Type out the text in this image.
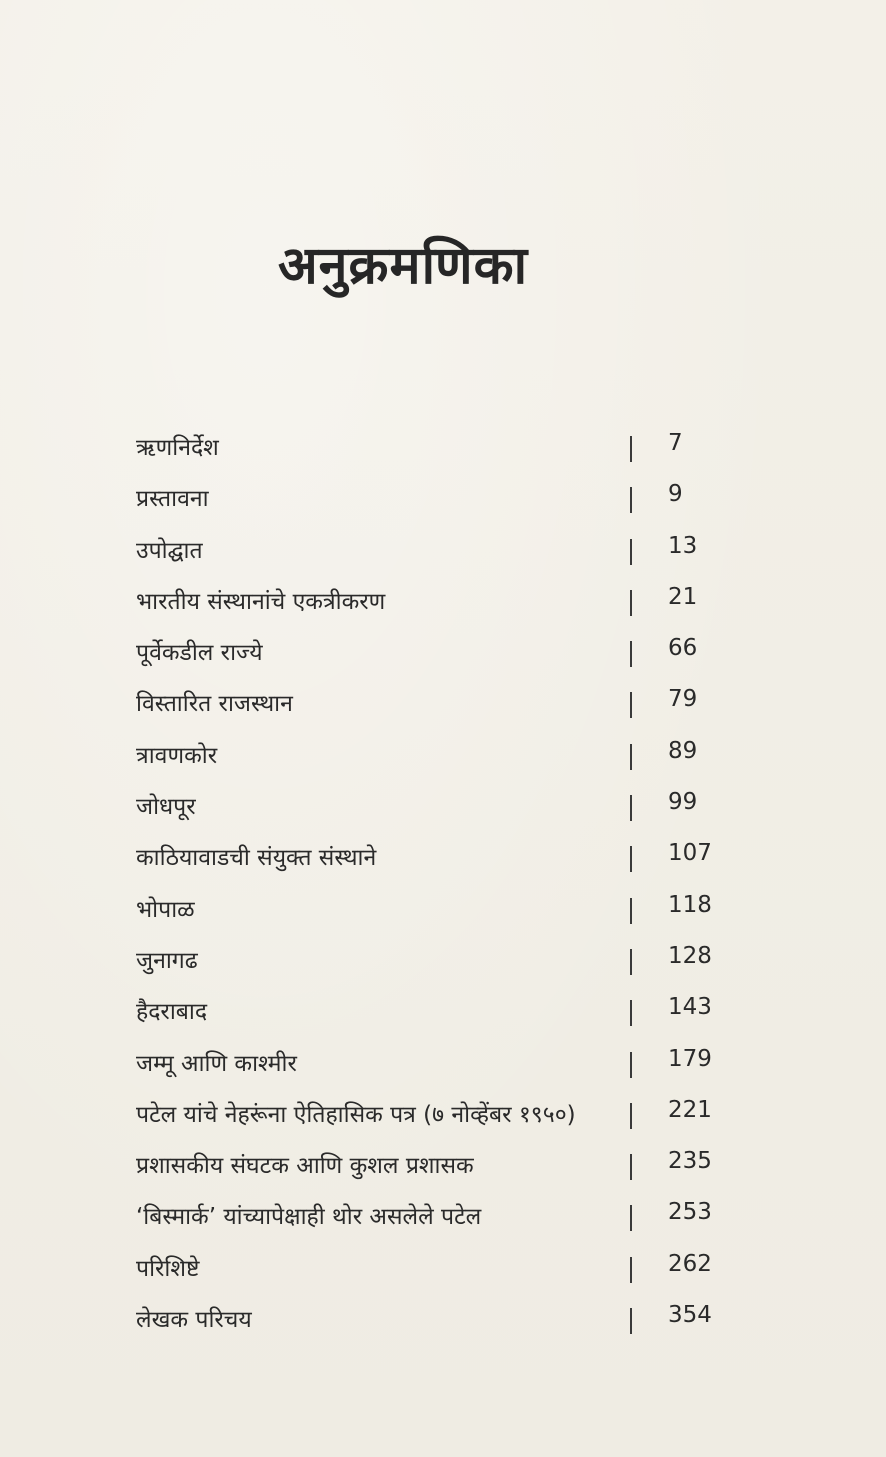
अनुक्रमणिका
ऋणनिर्देश	7
प्रस्तावना	9
उपोद्घात	13
भारतीय संस्थानांचे एकत्रीकरण	21
पूर्वेकडील राज्ये	66
विस्तारित राजस्थान	79
त्रावणकोर	89
जोधपूर	99
काठियावाडची संयुक्त संस्थाने	107
भोपाळ	118
जुनागढ	128
हैदराबाद	143
जम्मू आणि काश्मीर	179
पटेल यांचे नेहरूंना ऐतिहासिक पत्र (७ नोव्हेंबर १९५०)	221
प्रशासकीय संघटक आणि कुशल प्रशासक	235
‘बिस्मार्क’ यांच्यापेक्षाही थोर असलेले पटेल	253
परिशिष्टे	262
लेखक परिचय	354
